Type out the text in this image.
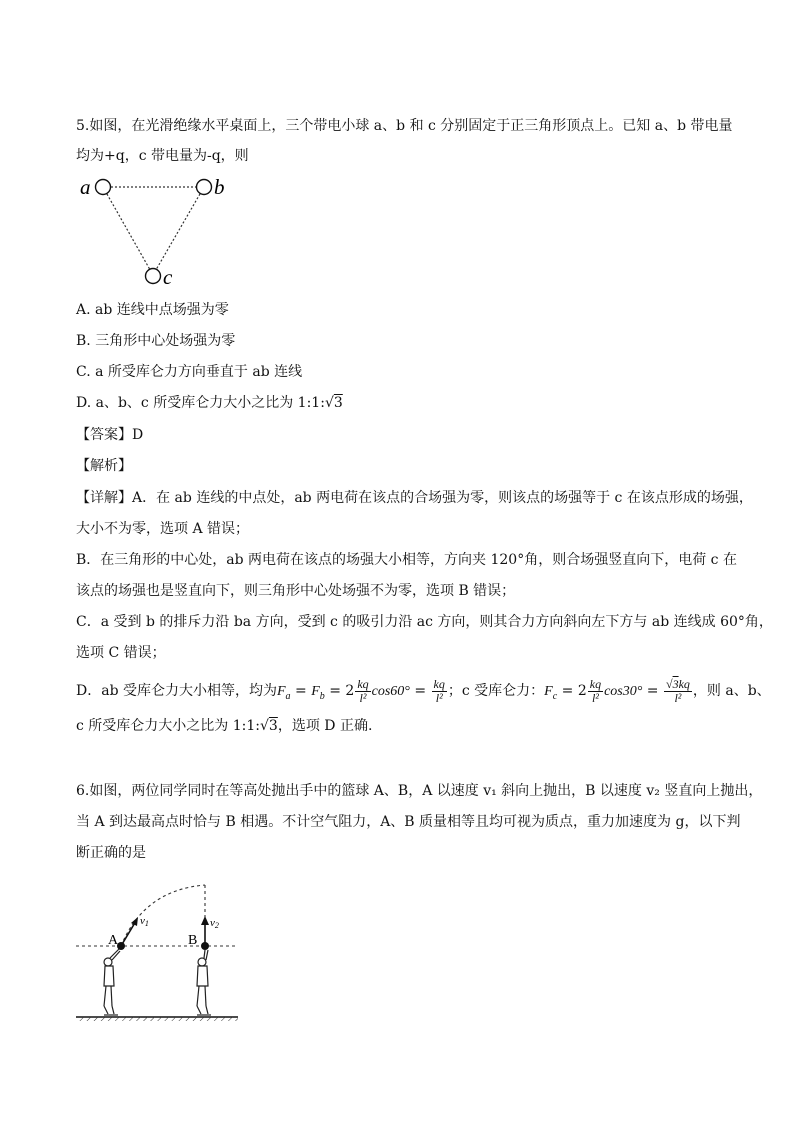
5.如图，在光滑绝缘水平桌面上，三个带电小球 a、b 和 c 分别固定于正三角形顶点上。已知 a、b 带电量
均为+q，c 带电量为-q，则
a	b
c
A. ab 连线中点场强为零
B. 三角形中心处场强为零
C. a 所受库仑力方向垂直于 ab 连线
D. a、b、c 所受库仑力大小之比为 1:1:√3
【答案】D
【解析】
【详解】A．在 ab 连线的中点处，ab 两电荷在该点的合场强为零，则该点的场强等于 c 在该点形成的场强，
大小不为零，选项 A 错误；
B．在三角形的中心处，ab 两电荷在该点的场强大小相等，方向夹 120°角，则合场强竖直向下，电荷 c 在
该点的场强也是竖直向下，则三角形中心处场强不为零，选项 B 错误；
C．a 受到 b 的排斥力沿 ba 方向，受到 c 的吸引力沿 ac 方向，则其合力方向斜向左下方与 ab 连线成 60°角，
选项 C 错误；
D．ab 受库仑力大小相等，均为$F_a = F_b = 2 \frac{kq}{\text{l²}} \cos 60^\circ = \frac{kq}{\text{l²}}$ ；c 受库仑力：$F_c = 2 \frac{kq}{\text{l²}} \cos 30^\circ = \frac{√3kq}{\text{l²}}$ ，则 a、b、
c 所受库仑力大小之比为 1:1:√3，选项 D 正确.
6.如图，两位同学同时在等高处抛出手中的篮球 A、B，A 以速度 v₁ 斜向上抛出，B 以速度 v₂ 竖直向上抛出，
当 A 到达最高点时恰与 B 相遇。不计空气阻力，A、B 质量相等且均可视为质点，重力加速度为 g，以下判
断正确的是
A	B
v1	v2
